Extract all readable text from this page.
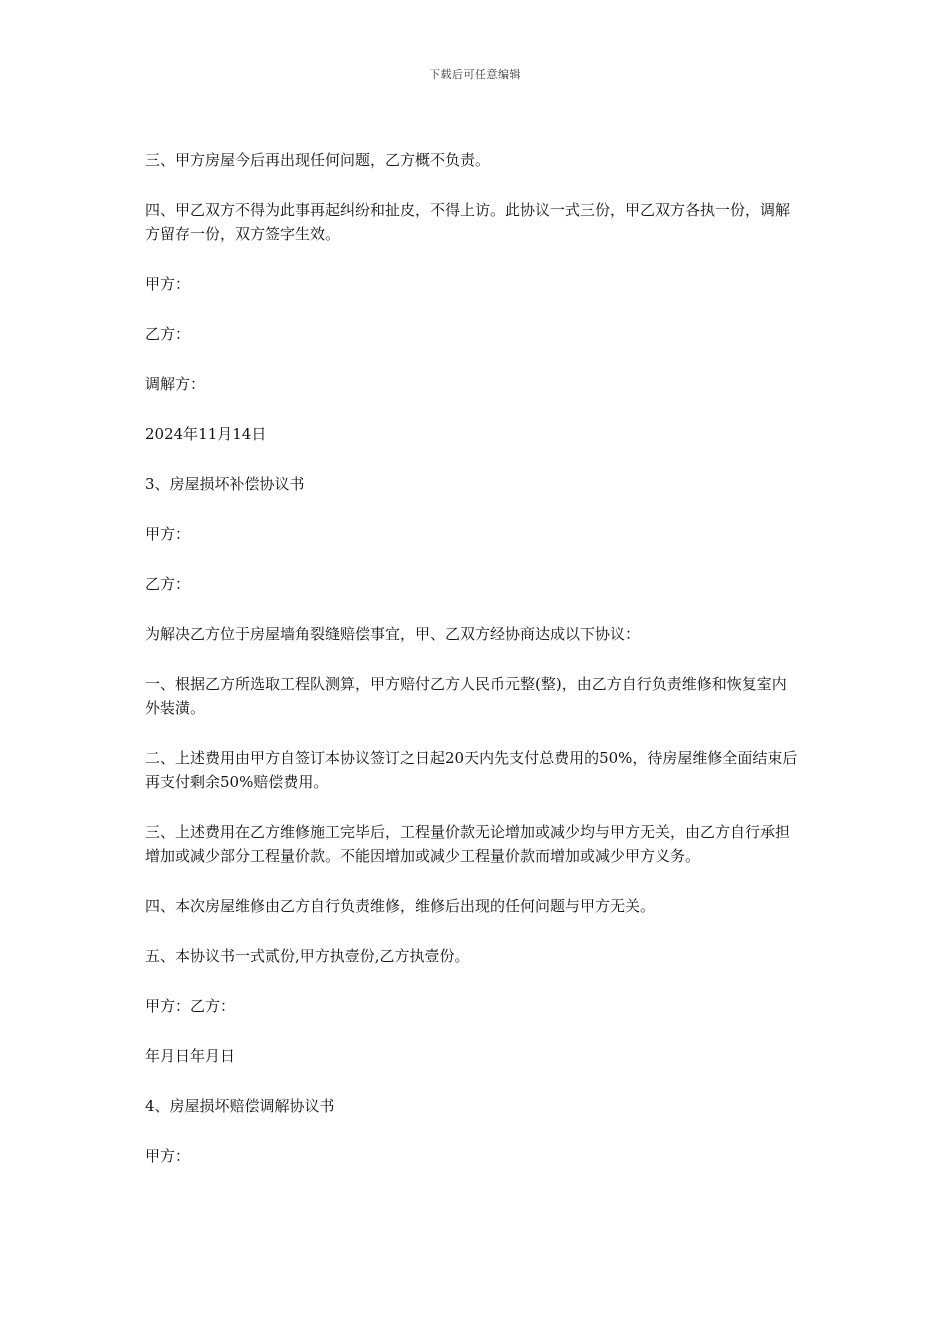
下载后可任意编辑

三、甲方房屋今后再出现任何问题，乙方概不负责。

四、甲乙双方不得为此事再起纠纷和扯皮，不得上访。此协议一式三份，甲乙双方各执一份，调解方留存一份，双方签字生效。

甲方：

乙方：

调解方：

2024年11月14日

3、房屋损坏补偿协议书

甲方：

乙方：

为解决乙方位于房屋墙角裂缝赔偿事宜，甲、乙双方经协商达成以下协议：

一、根据乙方所选取工程队测算，甲方赔付乙方人民币元整(整)，由乙方自行负责维修和恢复室内外装潢。

二、上述费用由甲方自签订本协议签订之日起20天内先支付总费用的50%，待房屋维修全面结束后再支付剩余50%赔偿费用。

三、上述费用在乙方维修施工完毕后，工程量价款无论增加或减少均与甲方无关，由乙方自行承担增加或减少部分工程量价款。不能因增加或减少工程量价款而增加或减少甲方义务。

四、本次房屋维修由乙方自行负责维修，维修后出现的任何问题与甲方无关。

五、本协议书一式贰份,甲方执壹份,乙方执壹份。

甲方：乙方：

年月日年月日

4、房屋损坏赔偿调解协议书

甲方：
